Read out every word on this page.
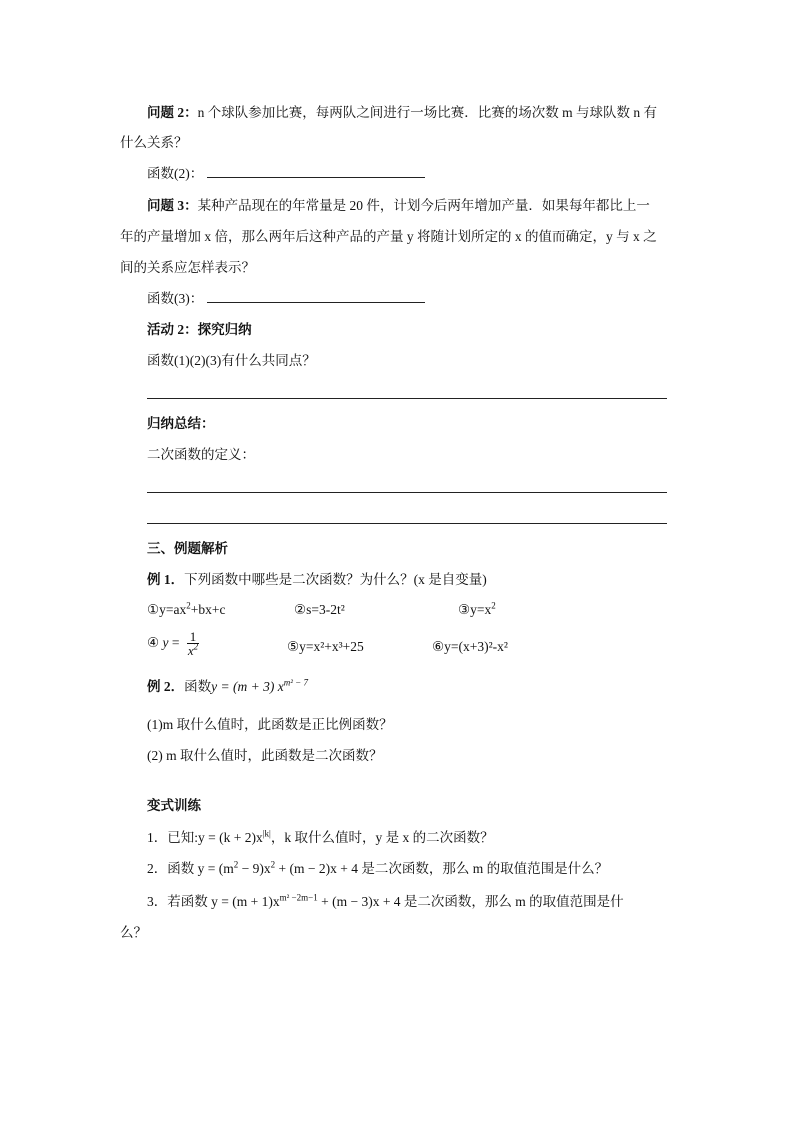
问题 2：n 个球队参加比赛，每两队之间进行一场比赛．比赛的场次数 m 与球队数 n 有
什么关系？
函数(2)：
问题 3：某种产品现在的年常量是 20 件，计划今后两年增加产量．如果每年都比上一
年的产量增加 x 倍，那么两年后这种产品的产量 y 将随计划所定的 x 的值而确定，y 与 x 之
间的关系应怎样表示？
函数(3)：
活动 2：探究归纳
函数(1)(2)(3)有什么共同点？
归纳总结：
二次函数的定义：
三、例题解析
例 1．下列函数中哪些是二次函数？为什么？(x 是自变量)
$①y=ax^2+bx+c$	②s=3-2t²	$③y=x^2$
④ $y = \frac{1}{x^2}$	⑤y=x²+x³+25	⑥y=(x+3)²-x²
例 2．函数y = (m + 3) $x^{m^2 - 7}$
(1)m 取什么值时，此函数是正比例函数？
(2) m 取什么值时，此函数是二次函数？
变式训练
1．已知:y = $(k + 2)x^{|k|}$，k 取什么值时，y 是 x 的二次函数？
2．函数 $y = (m^2 - 9)x^2 + (m - 2)x + 4$ 是二次函数，那么 m 的取值范围是什么？
3．若函数 $y = (m + 1)x^{m^2 -2m-1} + (m - 3)x + 4$ 是二次函数，那么 m 的取值范围是什
么？
